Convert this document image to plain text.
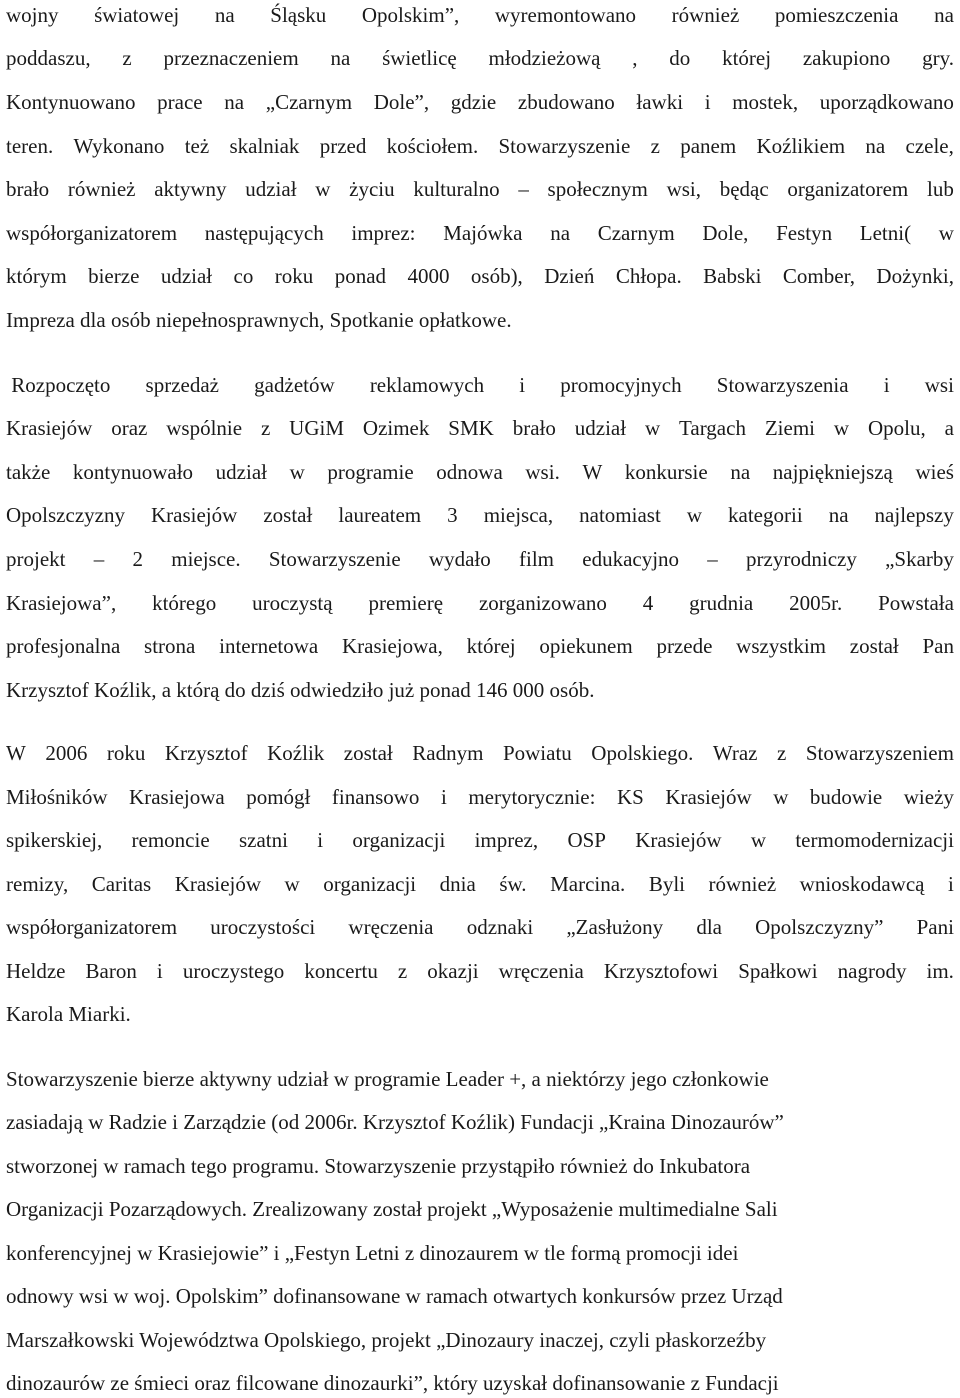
wojny światowej na Śląsku Opolskim”, wyremontowano również pomieszczenia na
poddaszu, z przeznaczeniem na świetlicę młodzieżową , do której zakupiono gry.
Kontynuowano prace na „Czarnym Dole”, gdzie zbudowano ławki i mostek, uporządkowano
teren. Wykonano też skalniak przed kościołem. Stowarzyszenie z panem Koźlikiem na czele,
brało również aktywny udział w życiu kulturalno – społecznym wsi, będąc organizatorem lub
współorganizatorem następujących imprez: Majówka na Czarnym Dole, Festyn Letni( w
którym bierze udział co roku ponad 4000 osób), Dzień Chłopa. Babski Comber, Dożynki,
Impreza dla osób niepełnosprawnych, Spotkanie opłatkowe.
Rozpoczęto sprzedaż gadżetów reklamowych i promocyjnych Stowarzyszenia i wsi
Krasiejów oraz wspólnie z UGiM Ozimek SMK brało udział w Targach Ziemi w Opolu, a
także kontynuowało udział w programie odnowa wsi. W konkursie na najpiękniejszą wieś
Opolszczyzny Krasiejów został laureatem 3 miejsca, natomiast w kategorii na najlepszy
projekt – 2 miejsce. Stowarzyszenie wydało film edukacyjno – przyrodniczy „Skarby
Krasiejowa”, którego uroczystą premierę zorganizowano 4 grudnia 2005r. Powstała
profesjonalna strona internetowa Krasiejowa, której opiekunem przede wszystkim został Pan
Krzysztof Koźlik, a którą do dziś odwiedziło już ponad 146 000 osób.
W 2006 roku Krzysztof Koźlik został Radnym Powiatu Opolskiego. Wraz z Stowarzyszeniem
Miłośników Krasiejowa pomógł finansowo i merytorycznie: KS Krasiejów w budowie wieży
spikerskiej, remoncie szatni i organizacji imprez, OSP Krasiejów w termomodernizacji
remizy, Caritas Krasiejów w organizacji dnia św. Marcina. Byli również wnioskodawcą i
współorganizatorem uroczystości wręczenia odznaki „Zasłużony dla Opolszczyzny” Pani
Heldze Baron i uroczystego koncertu z okazji wręczenia Krzysztofowi Spałkowi nagrody im.
Karola Miarki.
Stowarzyszenie bierze aktywny udział w programie Leader +, a niektórzy jego członkowie
zasiadają w Radzie i Zarządzie (od 2006r. Krzysztof Koźlik) Fundacji „Kraina Dinozaurów”
stworzonej w ramach tego programu. Stowarzyszenie przystąpiło również do Inkubatora
Organizacji Pozarządowych. Zrealizowany został projekt „Wyposażenie multimedialne Sali
konferencyjnej w Krasiejowie” i „Festyn Letni z dinozaurem w tle formą promocji idei
odnowy wsi w woj. Opolskim” dofinansowane w ramach otwartych konkursów przez Urząd
Marszałkowski Województwa Opolskiego, projekt „Dinozaury inaczej, czyli płaskorzeźby
dinozaurów ze śmieci oraz filcowane dinozaurki”, który uzyskał dofinansowanie z Fundacji
